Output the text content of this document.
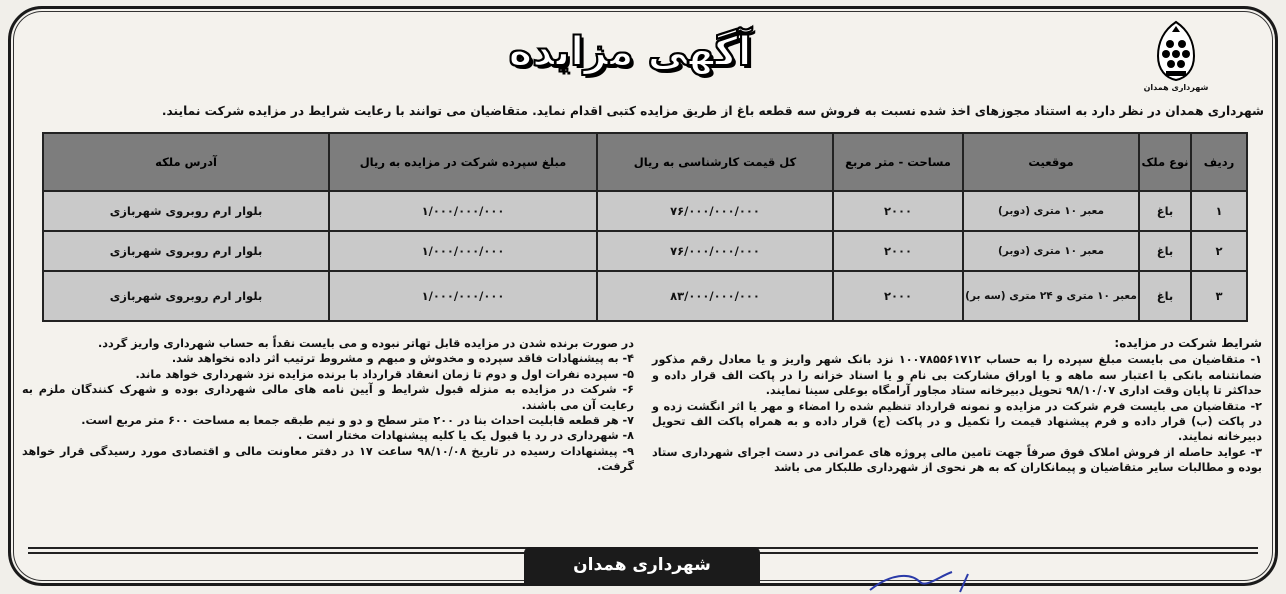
شهرداری همدان
آگهی مزایده
شهرداری همدان در نظر دارد به استناد مجوزهای اخذ شده نسبت به فروش سه قطعه باغ از طریق مزایده کتبی اقدام نماید. متقاضیان می توانند با رعایت شرایط در مزایده شرکت نمایند.
ردیف	نوع ملک	موقعیت	مساحت - متر مربع	کل قیمت کارشناسی به ریال	مبلغ سپرده شرکت در مزایده به ریال	آدرس ملکه
۱	باغ	معبر ۱۰ متری (دوبر)	۲۰۰۰	۷۶/۰۰۰/۰۰۰/۰۰۰	۱/۰۰۰/۰۰۰/۰۰۰	بلوار ارم روبروی شهربازی
۲	باغ	معبر ۱۰ متری (دوبر)	۲۰۰۰	۷۶/۰۰۰/۰۰۰/۰۰۰	۱/۰۰۰/۰۰۰/۰۰۰	بلوار ارم روبروی شهربازی
۳	باغ	معبر ۱۰ متری و ۲۴ متری (سه بر)	۲۰۰۰	۸۳/۰۰۰/۰۰۰/۰۰۰	۱/۰۰۰/۰۰۰/۰۰۰	بلوار ارم روبروی شهربازی

شرایط شرکت در مزایده:

۱- متقاضیان می بایست مبلغ سپرده را به حساب ۱۰۰۷۸۵۵۶۱۷۱۲ نزد بانک شهر واریز و یا معادل رقم مذکور ضمانتنامه بانکی با اعتبار سه ماهه و یا اوراق مشارکت بی نام و یا اسناد خزانه را در پاکت الف قرار داده و حداکثر تا پایان وقت اداری ۹۸/۱۰/۰۷ تحویل دبیرخانه ستاد مجاور آرامگاه بوعلی سینا نمایند.

۲- متقاضیان می بایست فرم شرکت در مزایده و نمونه قرارداد تنظیم شده را امضاء و مهر یا اثر انگشت زده و در پاکت (ب) قرار داده و فرم پیشنهاد قیمت را تکمیل و در پاکت (ج) قرار داده و به همراه پاکت الف تحویل دبیرخانه نمایند.

۳- عواید حاصله از فروش املاک فوق صرفاً جهت تامین مالی پروژه های عمرانی در دست اجرای شهرداری ستاد بوده و مطالبات سایر متقاضیان و پیمانکاران که به هر نحوی از شهرداری طلبکار می باشد

در صورت برنده شدن در مزایده قابل تهاتر نبوده و می بایست نقداً به حساب شهرداری واریز گردد.

۴- به پیشنهادات فاقد سپرده و مخدوش و مبهم و مشروط ترتیب اثر داده نخواهد شد.

۵- سپرده نفرات اول و دوم تا زمان انعقاد قرارداد با برنده مزایده نزد شهرداری خواهد ماند.

۶- شرکت در مزایده به منزله قبول شرایط و آیین نامه های مالی شهرداری بوده و شهرک کنندگان ملزم به رعایت آن می باشند.

۷- هر قطعه قابلیت احداث بنا در ۲۰۰ متر سطح و دو و نیم طبقه جمعا به مساحت ۶۰۰ متر مربع است.

۸- شهرداری در رد یا قبول یک یا کلیه پیشنهادات مختار است .

۹- پیشنهادات رسیده در تاریخ ۹۸/۱۰/۰۸ ساعت ۱۷ در دفتر معاونت مالی و اقتصادی مورد رسیدگی قرار خواهد گرفت.

شهرداری همدان
